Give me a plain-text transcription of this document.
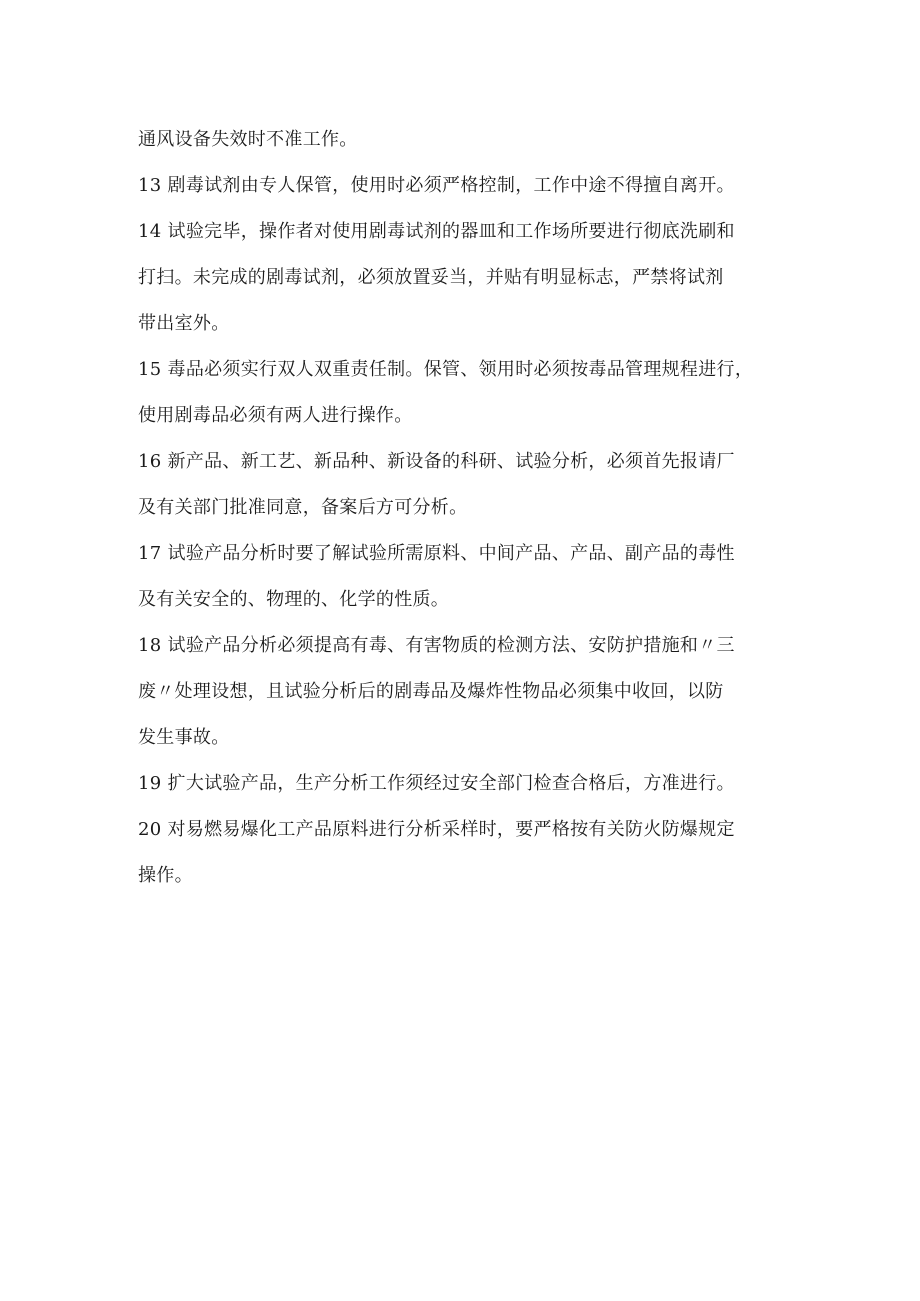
通风设备失效时不准工作。
13 剧毒试剂由专人保管，使用时必须严格控制，工作中途不得擅自离开。
14 试验完毕，操作者对使用剧毒试剂的器皿和工作场所要进行彻底洗刷和
打扫。未完成的剧毒试剂，必须放置妥当，并贴有明显标志，严禁将试剂
带出室外。
15 毒品必须实行双人双重责任制。保管、领用时必须按毒品管理规程进行，
使用剧毒品必须有两人进行操作。
16 新产品、新工艺、新品种、新设备的科研、试验分析，必须首先报请厂
及有关部门批准同意，备案后方可分析。
17 试验产品分析时要了解试验所需原料、中间产品、产品、副产品的毒性
及有关安全的、物理的、化学的性质。
18 试验产品分析必须提高有毒、有害物质的检测方法、安防护措施和〃三
废〃处理设想，且试验分析后的剧毒品及爆炸性物品必须集中收回，以防
发生事故。
19 扩大试验产品，生产分析工作须经过安全部门检查合格后，方准进行。
20 对易燃易爆化工产品原料进行分析采样时，要严格按有关防火防爆规定
操作。
